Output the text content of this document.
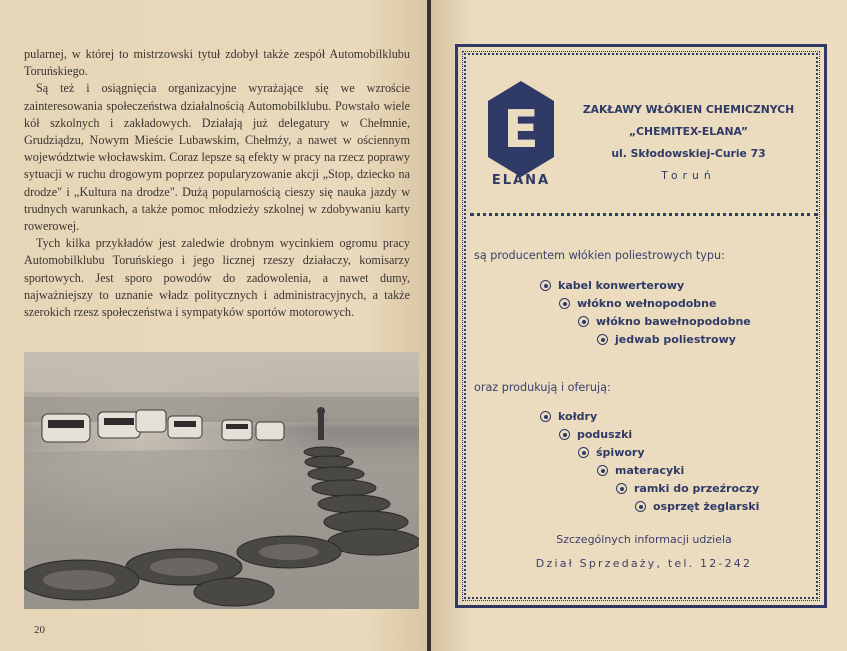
pularnej, w której to mistrzowski tytuł zdobył także zespół Automobilklubu Toruńskiego.

Są też i osiągnięcia organizacyjne wyrażające się we wzroście zainteresowania społeczeństwa działalnością Automobilklubu. Powstało wiele kół szkolnych i zakładowych. Działają już delegatury w Chełmnie, Grudziądzu, Nowym Mieście Lubawskim, Chełmży, a nawet w ościennym województwie włocławskim. Coraz lepsze są efekty w pracy na rzecz poprawy sytuacji w ruchu drogowym poprzez popularyzowanie akcji „Stop, dziecko na drodze" i „Kultura na drodze". Dużą popularnością cieszy się nauka jazdy w trudnych warunkach, a także pomoc młodzieży szkolnej w zdobywaniu karty rowerowej.

Tych kilka przykładów jest zaledwie drobnym wycinkiem ogromu pracy Automobilklubu Toruńskiego i jego licznej rzeszy działaczy, komisarzy sportowych. Jest sporo powodów do zadowolenia, a nawet dumy, najważniejszy to uznanie władz politycznych i administracyjnych, a także szerokich rzesz społeczeństwa i sympatyków sportów motorowych.

20
E
ELANA
ZAKŁAWY WŁÓKIEN CHEMICZNYCH
„CHEMITEX-ELANA”
ul. Skłodowskiej-Curie 73
Toruń
są producentem włókien poliestrowych typu:
kabel konwerterowy
włókno wełnopodobne
włókno bawełnopodobne
jedwab poliestrowy
oraz produkują i oferują:
kołdry
poduszki
śpiwory
materacyki
ramki do przeźroczy
osprzęt żeglarski
Szczególnych informacji udziela
Dział Sprzedaży, tel. 12-242
